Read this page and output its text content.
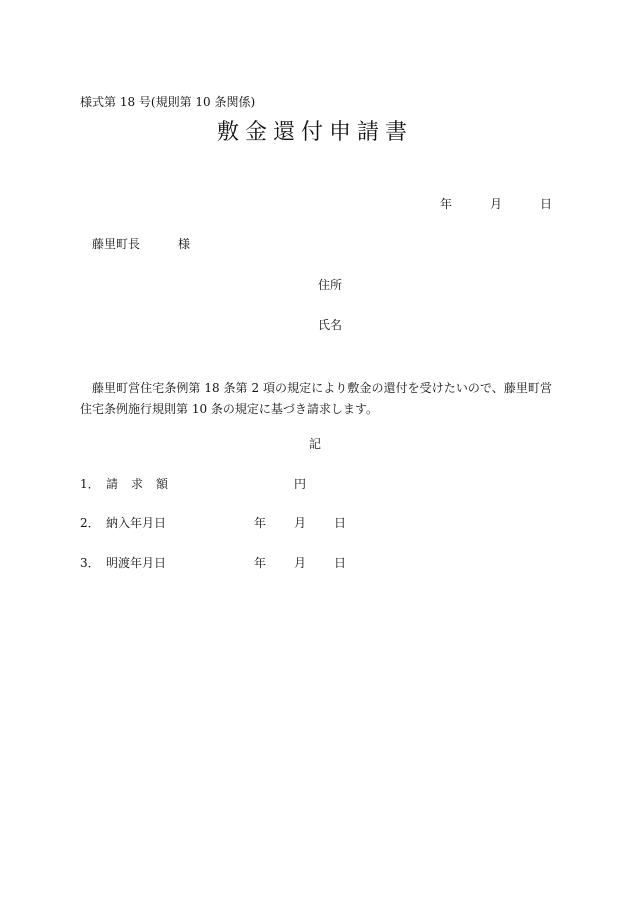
様式第 18 号(規則第 10 条関係)
敷金還付申請書
年	月	日
藤里町長	様
住所
氏名
藤里町営住宅条例第 18 条第 2 項の規定により敷金の還付を受けたいので、藤里町営住宅条例施行規則第 10 条の規定に基づき請求します。
記
1． 請求額	円
2． 納入年月日	年 月 日
3． 明渡年月日	年 月 日
